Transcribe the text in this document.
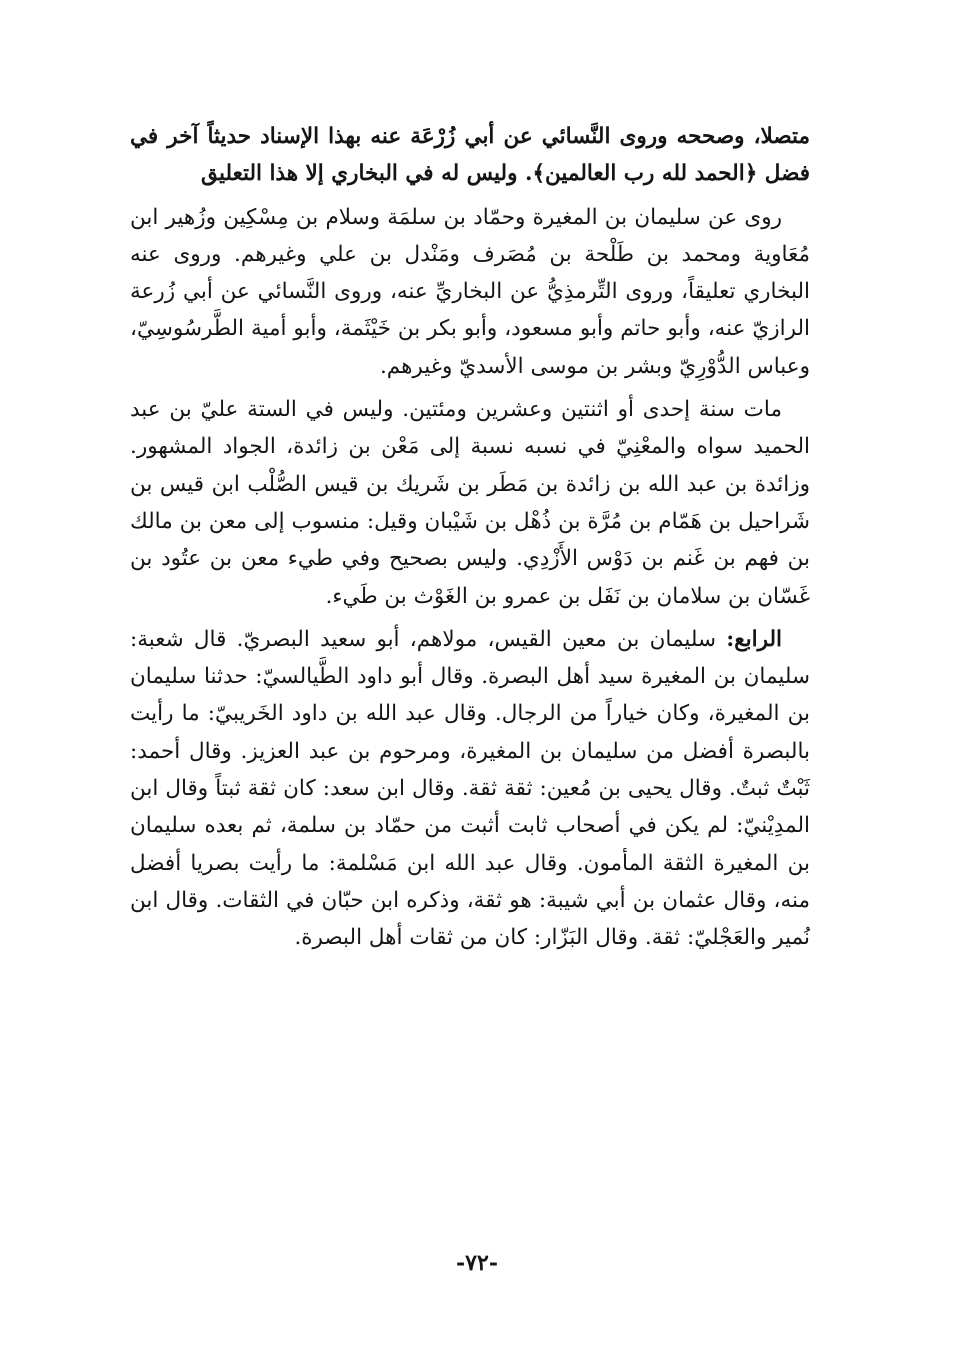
متصلا، وصححه وروى النَّسائي عن أبي زُرْعَة عنه بهذا الإسناد حديثاً آخر في فضل ﴿الحمد لله رب العالمين﴾. وليس له في البخاري إلا هذا التعليق

روى عن سليمان بن المغيرة وحمّاد بن سلمَة وسلام بن مِسْكِين وزُهير ابن مُعَاوية ومحمد بن طَلْحة بن مُصَرف ومَنْدل بن علي وغيرهم. وروى عنه البخاري تعليقاً، وروى التِّرمذِيُّ عن البخاريِّ عنه، وروى النَّسائي عن أبي زُرعة الرازيّ عنه، وأبو حاتم وأبو مسعود، وأبو بكر بن خَيْثَمة، وأبو أمية الطَّرسُوسِيّ، وعباس الدُّوْرِيّ وبشر بن موسى الأسديّ وغيرهم.

مات سنة إحدى أو اثنتين وعشرين ومئتين. وليس في الستة عليّ بن عبد الحميد سواه والمعْنِيّ في نسبه نسبة إلى مَعْن بن زائدة، الجواد المشهور. وزائدة بن عبد الله بن زائدة بن مَطَر بن شَريك بن قيس الصُّلْب ابن قيس بن شَراحيل بن هَمّام بن مُرَّة بن ذُهْل بن شَيْبان وقيل: منسوب إلى معن بن مالك بن فهم بن غَنم بن دَوْس الأَزْدِي. وليس بصحيح وفي طيء معن بن عتُود بن غَسّان بن سلامان بن نَفَل بن عمرو بن الغَوْث بن طَيء.

الرابع: سليمان بن معين القيس، مولاهم، أبو سعيد البصريّ. قال شعبة: سليمان بن المغيرة سيد أهل البصرة. وقال أبو داود الطَّيالسيّ: حدثنا سليمان بن المغيرة، وكان خياراً من الرجال. وقال عبد الله بن داود الخَريبيّ: ما رأيت بالبصرة أفضل من سليمان بن المغيرة، ومرحوم بن عبد العزيز. وقال أحمد: ثَبْتٌ ثبتٌ. وقال يحيى بن مُعين: ثقة ثقة. وقال ابن سعد: كان ثقة ثبتاً وقال ابن المدِيْنيّ: لم يكن في أصحاب ثابت أثبت من حمّاد بن سلمة، ثم بعده سليمان بن المغيرة الثقة المأمون. وقال عبد الله ابن مَسْلمة: ما رأيت بصريا أفضل منه، وقال عثمان بن أبي شيبة: هو ثقة، وذكره ابن حبّان في الثقات. وقال ابن نُمير والعَجْليّ: ثقة. وقال البَزّار: كان من ثقات أهل البصرة.

-٧٢-
